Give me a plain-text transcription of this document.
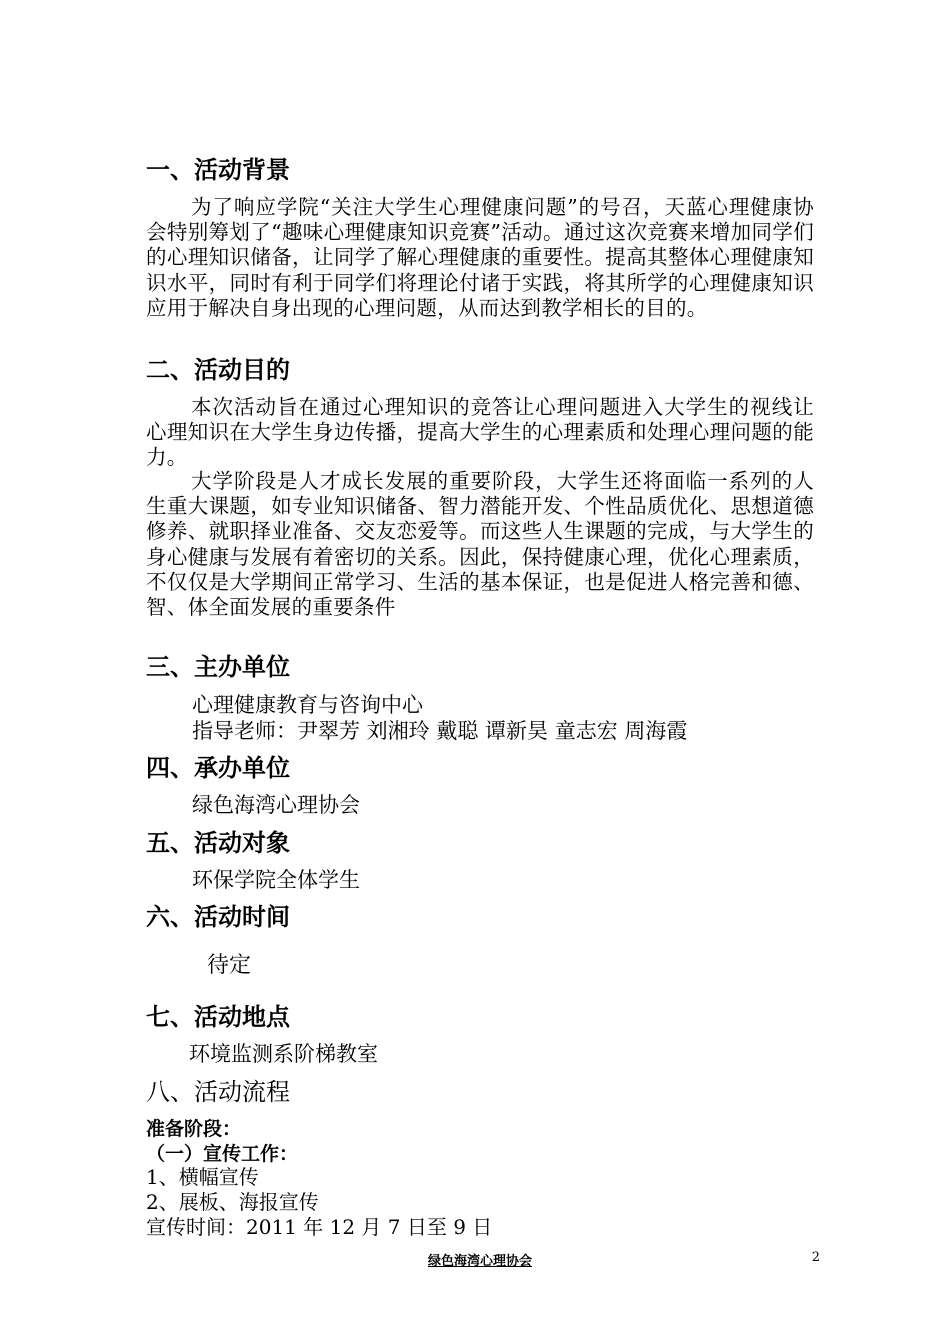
一、活动背景
为了响应学院“关注大学生心理健康问题”的号召，天蓝心理健康协会特别筹划了“趣味心理健康知识竞赛”活动。通过这次竞赛来增加同学们的心理知识储备，让同学了解心理健康的重要性。提高其整体心理健康知识水平，同时有利于同学们将理论付诸于实践，将其所学的心理健康知识应用于解决自身出现的心理问题，从而达到教学相长的目的。
二、活动目的
本次活动旨在通过心理知识的竞答让心理问题进入大学生的视线让心理知识在大学生身边传播，提高大学生的心理素质和处理心理问题的能力。
大学阶段是人才成长发展的重要阶段，大学生还将面临一系列的人生重大课题，如专业知识储备、智力潜能开发、个性品质优化、思想道德修养、就职择业准备、交友恋爱等。而这些人生课题的完成，与大学生的身心健康与发展有着密切的关系。因此，保持健康心理，优化心理素质，不仅仅是大学期间正常学习、生活的基本保证，也是促进人格完善和德、智、体全面发展的重要条件
三、主办单位
心理健康教育与咨询中心
指导老师：尹翠芳 刘湘玲 戴聪 谭新昊 童志宏 周海霞
四、承办单位
绿色海湾心理协会
五、活动对象
环保学院全体学生
六、活动时间
待定
七、活动地点
环境监测系阶梯教室
八、活动流程
准备阶段：
（一）宣传工作：
1、横幅宣传
2、展板、海报宣传
宣传时间：2011 年 12 月 7 日至 9 日
绿色海湾心理协会	2
